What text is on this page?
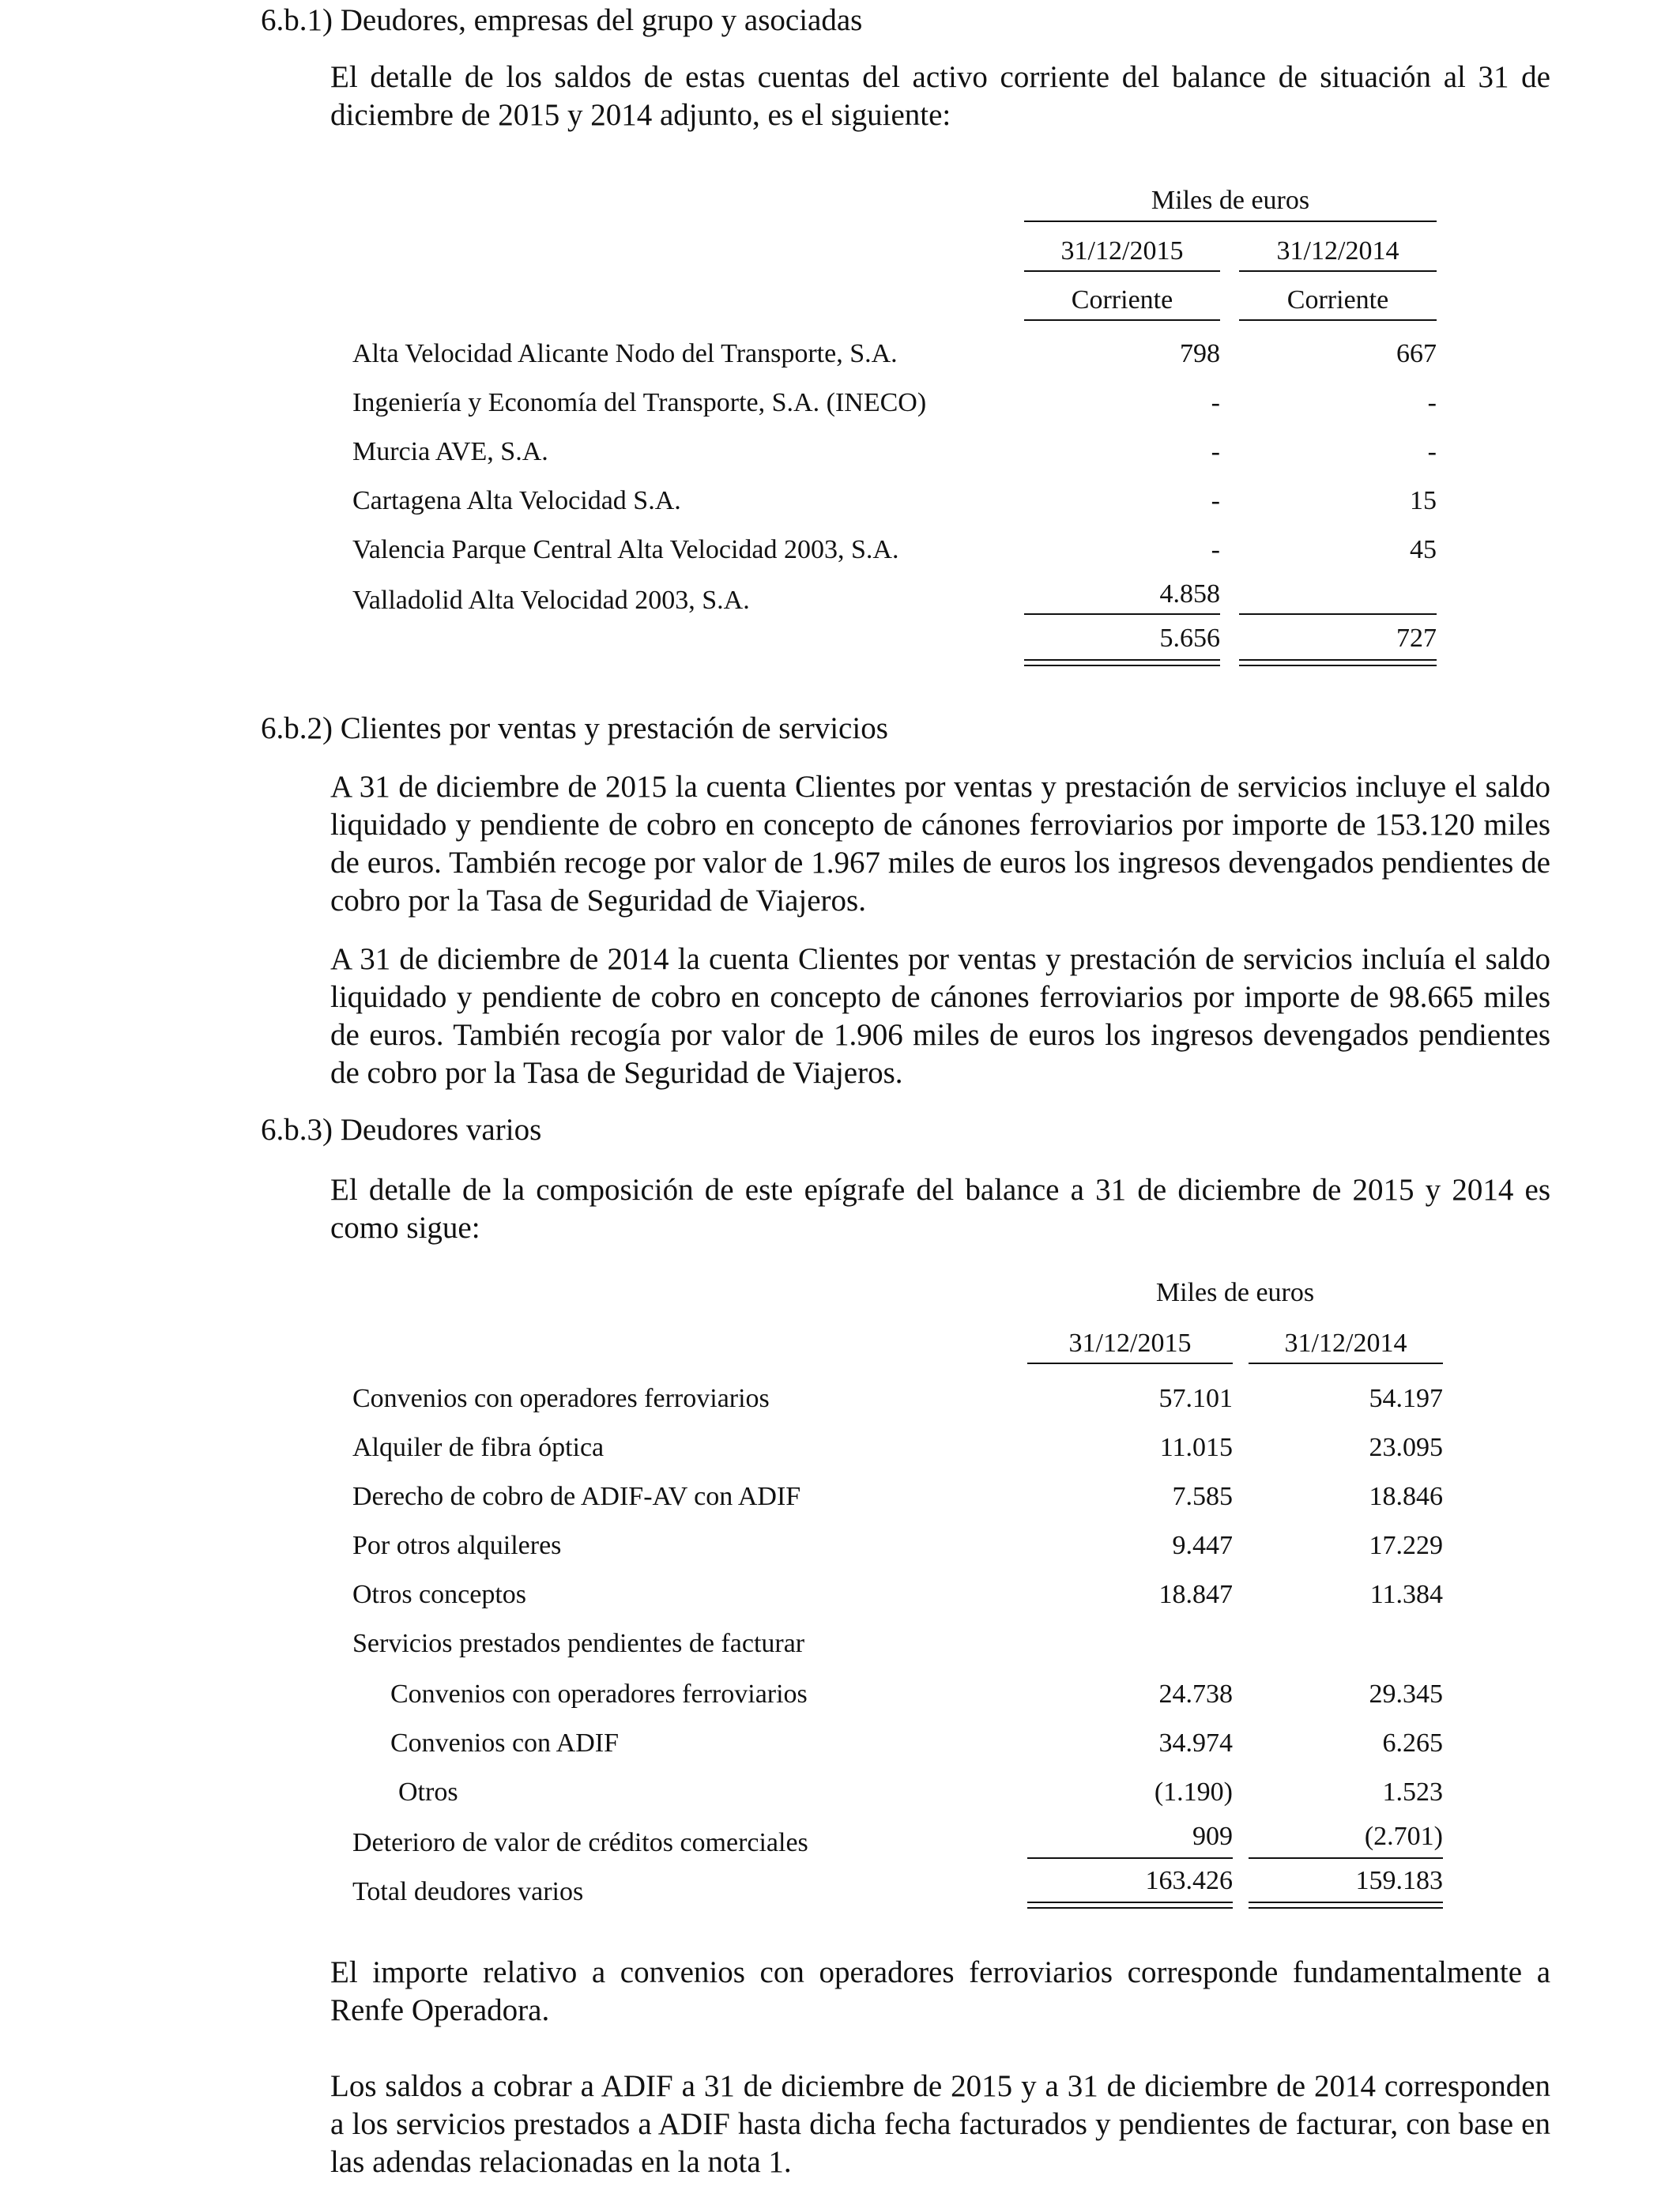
6.b.1) Deudores, empresas del grupo y asociadas
El detalle de los saldos de estas cuentas del activo corriente del balance de situación al 31 de diciembre de 2015 y 2014 adjunto, es el siguiente:
Miles de euros
31/12/2015	31/12/2014
Corriente	Corriente
Alta Velocidad Alicante Nodo del Transporte, S.A.	798	667
Ingeniería y Economía del Transporte, S.A. (INECO)	-	-
Murcia AVE, S.A.	-	-
Cartagena Alta Velocidad S.A.	-	15
Valencia Parque Central Alta Velocidad 2003, S.A.	-	45
Valladolid Alta Velocidad 2003, S.A.	4.858
5.656	727
6.b.2) Clientes por ventas y prestación de servicios
A 31 de diciembre de 2015 la cuenta Clientes por ventas y prestación de servicios incluye el saldo liquidado y pendiente de cobro en concepto de cánones ferroviarios por importe de 153.120 miles de euros. También recoge por valor de 1.967 miles de euros los ingresos devengados pendientes de cobro por la Tasa de Seguridad de Viajeros.
A 31 de diciembre de 2014 la cuenta Clientes por ventas y prestación de servicios incluía el saldo liquidado y pendiente de cobro en concepto de cánones ferroviarios por importe de 98.665 miles de euros. También recogía por valor de 1.906 miles de euros los ingresos devengados pendientes de cobro por la Tasa de Seguridad de Viajeros.
6.b.3) Deudores varios
El detalle de la composición de este epígrafe del balance a 31 de diciembre de 2015 y 2014 es como sigue:
Miles de euros
31/12/2015	31/12/2014
Convenios con operadores ferroviarios	57.101	54.197
Alquiler de fibra óptica	11.015	23.095
Derecho de cobro de ADIF-AV con ADIF	7.585	18.846
Por otros alquileres	9.447	17.229
Otros conceptos	18.847	11.384
Servicios prestados pendientes de facturar
Convenios con operadores ferroviarios	24.738	29.345
Convenios con ADIF	34.974	6.265
Otros	(1.190)	1.523
Deterioro de valor de créditos comerciales	909	(2.701)
Total deudores varios	163.426	159.183
El importe relativo a convenios con operadores ferroviarios corresponde fundamentalmente a Renfe Operadora.
Los saldos a cobrar a ADIF a 31 de diciembre de 2015 y a 31 de diciembre de 2014 corresponden a los servicios prestados a ADIF hasta dicha fecha facturados y pendientes de facturar, con base en las adendas relacionadas en la nota 1.
